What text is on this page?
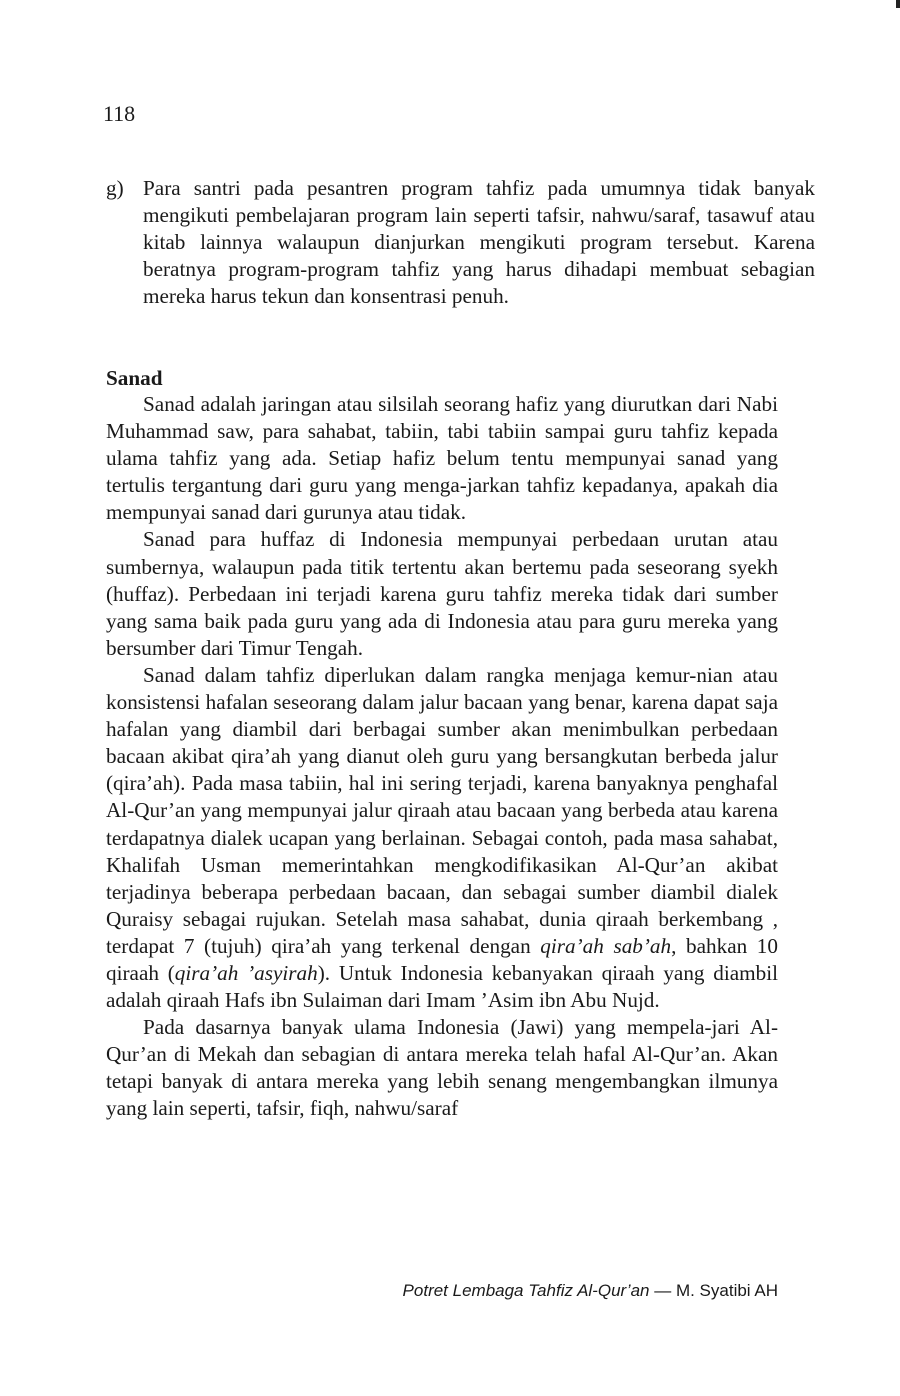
118
g) Para santri pada pesantren program tahfiz pada umumnya tidak banyak mengikuti pembelajaran program lain seperti tafsir, nahwu/saraf, tasawuf atau kitab lainnya walaupun dianjurkan mengikuti program tersebut. Karena beratnya program-program tahfiz yang harus dihadapi membuat sebagian mereka harus tekun dan konsentrasi penuh.
Sanad

Sanad adalah jaringan atau silsilah seorang hafiz yang diurutkan dari Nabi Muhammad saw, para sahabat, tabiin, tabi tabiin sampai guru tahfiz kepada ulama tahfiz yang ada. Setiap hafiz belum tentu mempunyai sanad yang tertulis tergantung dari guru yang menga-jarkan tahfiz kepadanya, apakah dia mempunyai sanad dari gurunya atau tidak.

Sanad para huffaz di Indonesia mempunyai perbedaan urutan atau sumbernya, walaupun pada titik tertentu akan bertemu pada seseorang syekh (huffaz). Perbedaan ini terjadi karena guru tahfiz mereka tidak dari sumber yang sama baik pada guru yang ada di Indonesia atau para guru mereka yang bersumber dari Timur Tengah.

Sanad dalam tahfiz diperlukan dalam rangka menjaga kemur-nian atau konsistensi hafalan seseorang dalam jalur bacaan yang benar, karena dapat saja hafalan yang diambil dari berbagai sumber akan menimbulkan perbedaan bacaan akibat qira’ah yang dianut oleh guru yang bersangkutan berbeda jalur (qira’ah). Pada masa tabiin, hal ini sering terjadi, karena banyaknya penghafal Al-Qur’an yang mempunyai jalur qiraah atau bacaan yang berbeda atau karena terdapatnya dialek ucapan yang berlainan. Sebagai contoh, pada masa sahabat, Khalifah Usman memerintahkan mengkodifikasikan Al-Qur’an akibat terjadinya beberapa perbedaan bacaan, dan sebagai sumber diambil dialek Quraisy sebagai rujukan. Setelah masa sahabat, dunia qiraah berkembang , terdapat 7 (tujuh) qira’ah yang terkenal dengan qira’ah sab’ah, bahkan 10 qiraah (qira’ah ’asyirah). Untuk Indonesia kebanyakan qiraah yang diambil adalah qiraah Hafs ibn Sulaiman dari Imam ’Asim ibn Abu Nujd.

Pada dasarnya banyak ulama Indonesia (Jawi) yang mempela-jari Al-Qur’an di Mekah dan sebagian di antara mereka telah hafal Al-Qur’an. Akan tetapi banyak di antara mereka yang lebih senang mengembangkan ilmunya yang lain seperti, tafsir, fiqh, nahwu/saraf

Potret Lembaga Tahfiz Al-Qur’an — M. Syatibi AH
